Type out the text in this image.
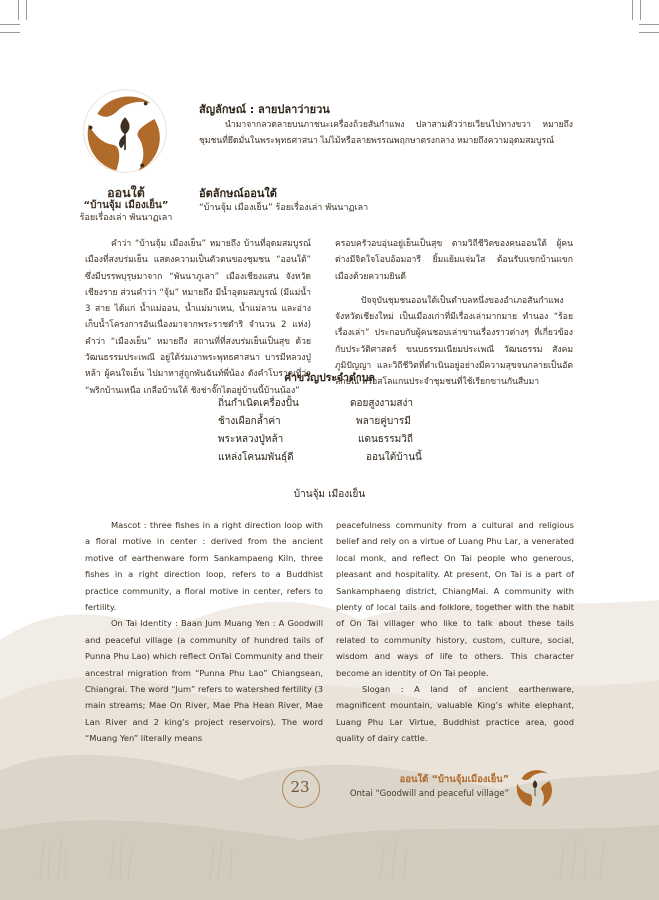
ออนใต้
“บ้านจุ้ม เมืองเย็น”
ร้อยเรื่องเล่า พันนาฏเลา
สัญลักษณ์ : ลายปลาว่ายวน

นำมาจากลวดลายบนภาชนะเครื่องถ้วยสันกำแพง ปลาสามตัวว่ายเวียนไปทางขวา หมายถึงชุมชนที่ยึดมั่นในพระพุทธศาสนา ไม่ไม้หรือลายพรรณพฤกษาตรงกลาง หมายถึงความอุดมสมบูรณ์

อัตลักษณ์ออนใต้
“บ้านจุ้ม เมืองเย็น” ร้อยเรื่องเล่า พันนาฏเลา

คำว่า “บ้านจุ้ม เมืองเย็น” หมายถึง บ้านที่อุดมสมบูรณ์ เมืองที่สงบร่มเย็น แสดงความเป็นตัวตนของชุมชน “ออนใต้” ซึ่งมีบรรพบุรุษมาจาก “พันนาภูเลา” เมืองเชียงแสน จังหวัดเชียงราย ส่วนคำว่า “จุ้ม” หมายถึง มีน้ำอุดมสมบูรณ์ (มีแม่น้ำ 3 สาย ได้แก่ น้ำแม่ออน, น้ำแม่มาเหน, น้ำแม่ลาน และอ่างเก็บน้ำโครงการอันเนื่องมาจากพระราชดำริ จำนวน 2 แห่ง) คำว่า “เมืองเย็น” หมายถึง สถานที่ที่สงบร่มเย็นเป็นสุข ด้วยวัฒนธรรมประเพณี อยู่ใต้ร่มเงาพระพุทธศาสนา บารมีหลวงปู่หล้า ผู้คนใจเย็น ไปมาหาสู่ถูกพันฉันท์พี่น้อง ดังคำโบราณที่ว่า “พริกบ้านเหนือ เกลือบ้านใต้ ชิงช่าจั๊กไดอยู่บ้านนี้บ้านน้อง”

ครอบครัวอบอุ่นอยู่เย็นเป็นสุข ตามวิถีชีวิตของคนออนใต้ ผู้คนต่างมีจิตใจโอบอ้อมอารี ยิ้มแย้มแจ่มใส ต้อนรับแขกบ้านแขกเมืองด้วยความยินดี

ปัจจุบันชุมชนออนใต้เป็นตำบลหนึ่งของอำเภอสันกำแพงจังหวัดเชียงใหม่ เป็นเมืองเก่าที่มีเรื่องเล่ามากมาย ทำนอง “ร้อยเรื่องเล่า” ประกอบกับผู้คนชอบเล่าขานเรื่องราวต่างๆ ที่เกี่ยวข้องกับประวัติศาสตร์ ขนบธรรมเนียมประเพณี วัฒนธรรม สังคม ภูมิปัญญา และวิถีชีวิตที่ดำเนินอยู่อย่างมีความสุขจนกลายเป็นอัตลักษณ์ หรือสโลแกนประจำชุมชนที่ใช้เรียกขานกันสืบมา

คำขวัญประจำตำบล
ถิ่นกำเนิดเครื่องปั้น
ช้างเผือกล้ำค่า
พระหลวงปู่หล้า
แหล่งโคนมพันธุ์ดี
ดอยสูงงามสง่า
พลายคู่บารมี
แดนธรรมวิถี
ออนใต้บ้านนี้
บ้านจุ้ม เมืองเย็น

Mascot : three fishes in a right direction loop with a floral motive in center : derived from the ancient motive of earthenware form Sankampaeng Kiln, three fishes in a right direction loop, refers to a Buddhist practice community, a floral motive in center, refers to fertility.

On Tai Identity : Baan Jum Muang Yen : A Goodwill and peaceful village (a community of hundred tails of Punna Phu Lao) which reflect OnTai Community and their ancestral migration from “Punna Phu Lao” Chiangsean, Chiangrai. The word “Jum” refers to watershed fertility (3 main streams; Mae On River, Mae Pha Hean River, Mae Lan River and 2 king’s project reservoirs). The word “Muang Yen” literally means

peacefulness community from a cultural and religious belief and rely on a virtue of Luang Phu Lar, a venerated local monk, and reflect On Tai people who generous, pleasant and hospitality. At present, On Tai is a part of Sankamphaeng district, ChiangMai. A community with plenty of local tails and folklore, together with the habit of On Tai villager who like to talk about these tails related to community history, custom, culture, social, wisdom and ways of life to others. This character become an identity of On Tai people.

Slogan : A land of ancient earthenware, magnificent mountain, valuable King’s white elephant, Luang Phu Lar Virtue, Buddhist practice area, good quality of dairy cattle.

23	ออนใต้ “บ้านจุ้มเมืองเย็น”
Ontai “Goodwill and peaceful village”
